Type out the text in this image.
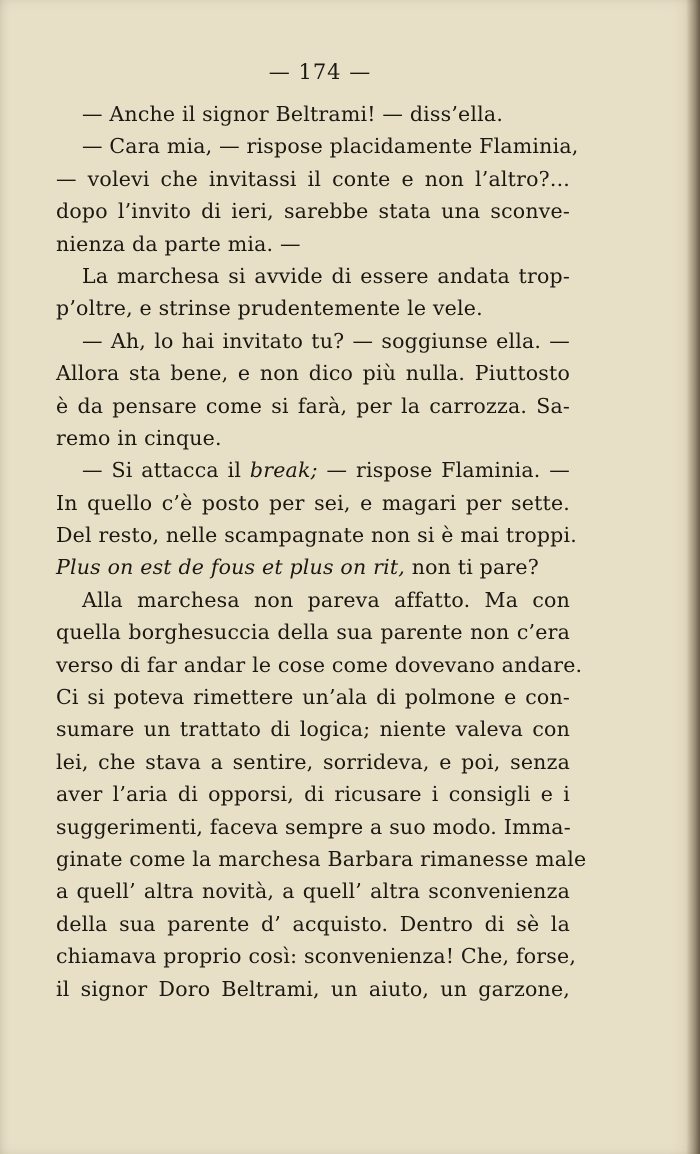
— 174 —
— Anche il signor Beltrami! — diss’ella.
— Cara mia, — rispose placidamente Flaminia,
— volevi che invitassi il conte e non l’altro?...
dopo l’invito di ieri, sarebbe stata una sconve-
nienza da parte mia. —
La marchesa si avvide di essere andata trop-
p’oltre, e strinse prudentemente le vele.
— Ah, lo hai invitato tu? — soggiunse ella. —
Allora sta bene, e non dico più nulla. Piuttosto
è da pensare come si farà, per la carrozza. Sa-
remo in cinque.
— Si attacca il break; — rispose Flaminia. —
In quello c’è posto per sei, e magari per sette.
Del resto, nelle scampagnate non si è mai troppi.
Plus on est de fous et plus on rit, non ti pare?
Alla marchesa non pareva affatto. Ma con
quella borghesuccia della sua parente non c’era
verso di far andar le cose come dovevano andare.
Ci si poteva rimettere un’ala di polmone e con-
sumare un trattato di logica; niente valeva con
lei, che stava a sentire, sorrideva, e poi, senza
aver l’aria di opporsi, di ricusare i consigli e i
suggerimenti, faceva sempre a suo modo. Imma-
ginate come la marchesa Barbara rimanesse male
a quell’ altra novità, a quell’ altra sconvenienza
della sua parente d’ acquisto. Dentro di sè la
chiamava proprio così: sconvenienza! Che, forse,
il signor Doro Beltrami, un aiuto, un garzone,
